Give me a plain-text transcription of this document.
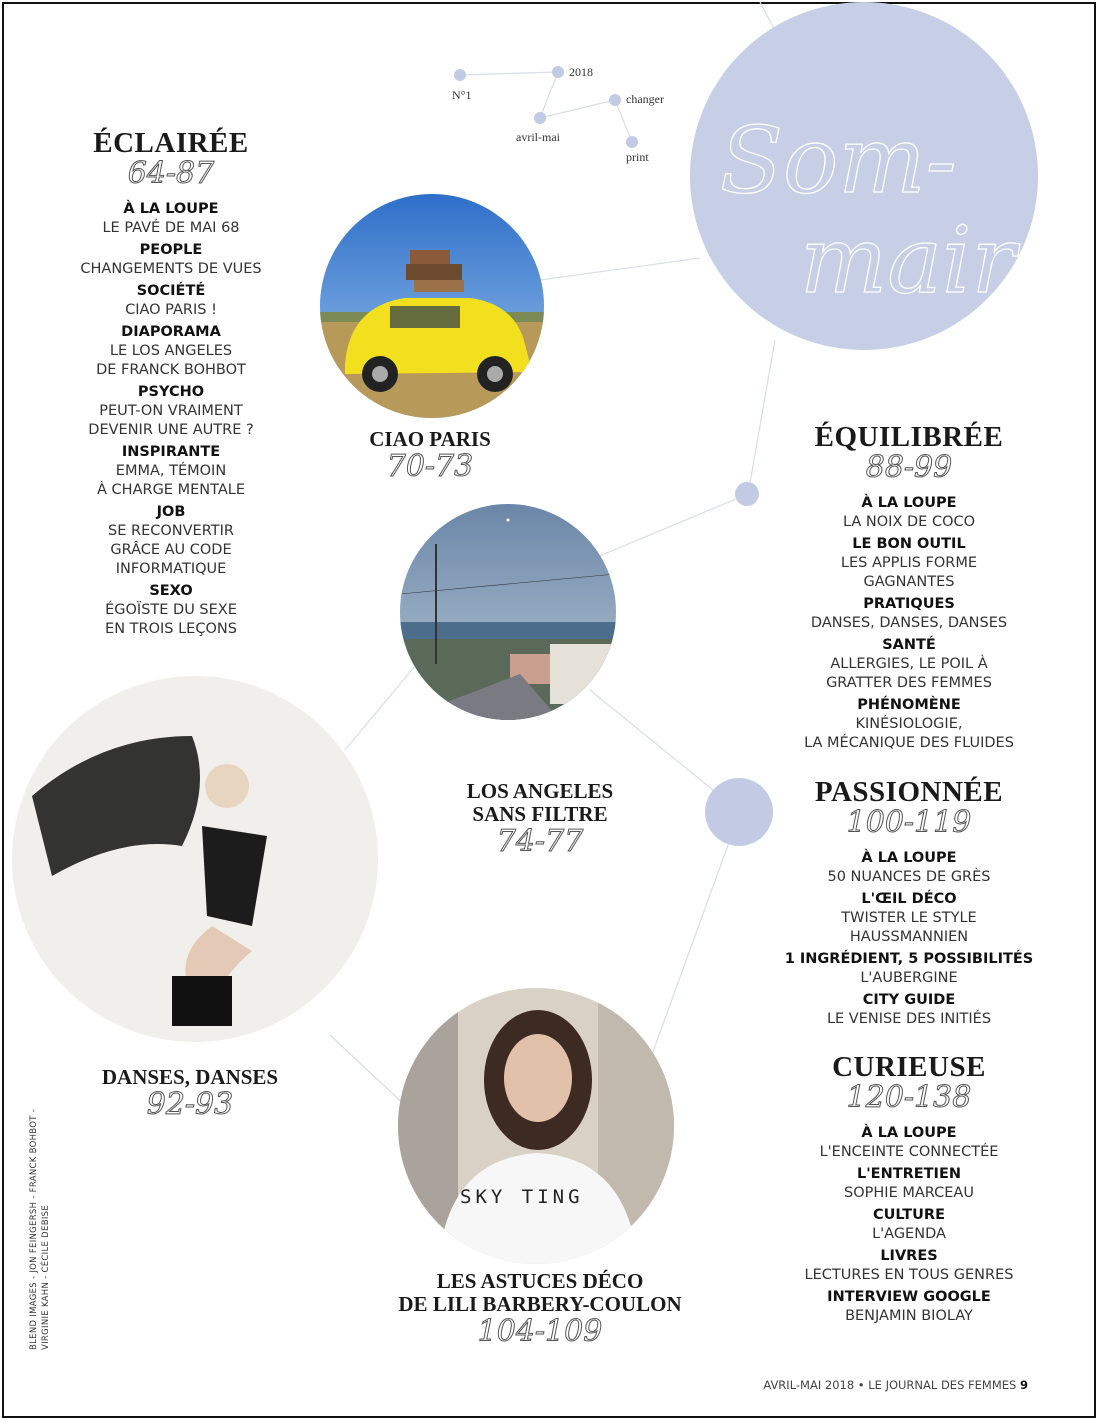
N°1
2018
changer
avril-mai
print Som-
maire
SKY TING
CIAO PARIS
70-73
LOS ANGELES
SANS FILTRE
74-77
DANSES, DANSES
92-93
LES ASTUCES DÉCO
DE LILI BARBERY-COULON
104-109
ÉCLAIRÉE
64-87
À LA LOUPE
LE PAVÉ DE MAI 68
PEOPLE
CHANGEMENTS DE VUES
SOCIÉTÉ
CIAO PARIS !
DIAPORAMA
LE LOS ANGELES
DE FRANCK BOHBOT
PSYCHO
PEUT-ON VRAIMENT
DEVENIR UNE AUTRE ?
INSPIRANTE
EMMA, TÉMOIN
À CHARGE MENTALE
JOB
SE RECONVERTIR
GRÂCE AU CODE
INFORMATIQUE
SEXO
ÉGOÏSTE DU SEXE
EN TROIS LEÇONS
ÉQUILIBRÉE
88-99
À LA LOUPE
LA NOIX DE COCO
LE BON OUTIL
LES APPLIS FORME
GAGNANTES
PRATIQUES
DANSES, DANSES, DANSES
SANTÉ
ALLERGIES, LE POIL À
GRATTER DES FEMMES
PHÉNOMÈNE
KINÉSIOLOGIE,
LA MÉCANIQUE DES FLUIDES
PASSIONNÉE
100-119
À LA LOUPE
50 NUANCES DE GRÈS
L'ŒIL DÉCO
TWISTER LE STYLE
HAUSSMANNIEN
1 INGRÉDIENT, 5 POSSIBILITÉS
L'AUBERGINE
CITY GUIDE
LE VENISE DES INITIÉS
CURIEUSE
120-138
À LA LOUPE
L'ENCEINTE CONNECTÉE
L'ENTRETIEN
SOPHIE MARCEAU
CULTURE
L'AGENDA
LIVRES
LECTURES EN TOUS GENRES
INTERVIEW GOOGLE
BENJAMIN BIOLAY
BLEND IMAGES - JON FEINGERSH - FRANCK BOHBOT - VIRGINIE KAHN - CÉCILE DEBISE
AVRIL-MAI 2018 • LE JOURNAL DES FEMMES 9
